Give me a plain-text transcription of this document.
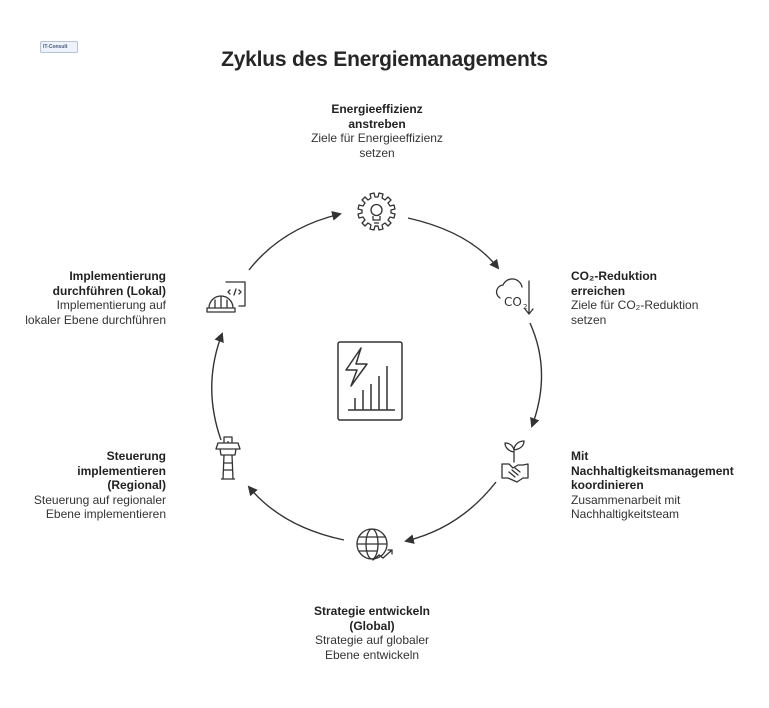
IT-Consult
Zyklus des Energiemanagements
CO 2
Energieeffizienz
anstreben
Ziele für Energieeffizienz
setzen
CO₂-Reduktion
erreichen
Ziele für CO₂-Reduktion
setzen
Mit
Nachhaltigkeitsmanagement
koordinieren
Zusammenarbeit mit
Nachhaltigkeitsteam
Strategie entwickeln
(Global)
Strategie auf globaler
Ebene entwickeln
Steuerung
implementieren
(Regional)
Steuerung auf regionaler
Ebene implementieren
Implementierung
durchführen (Lokal)
Implementierung auf
lokaler Ebene durchführen
